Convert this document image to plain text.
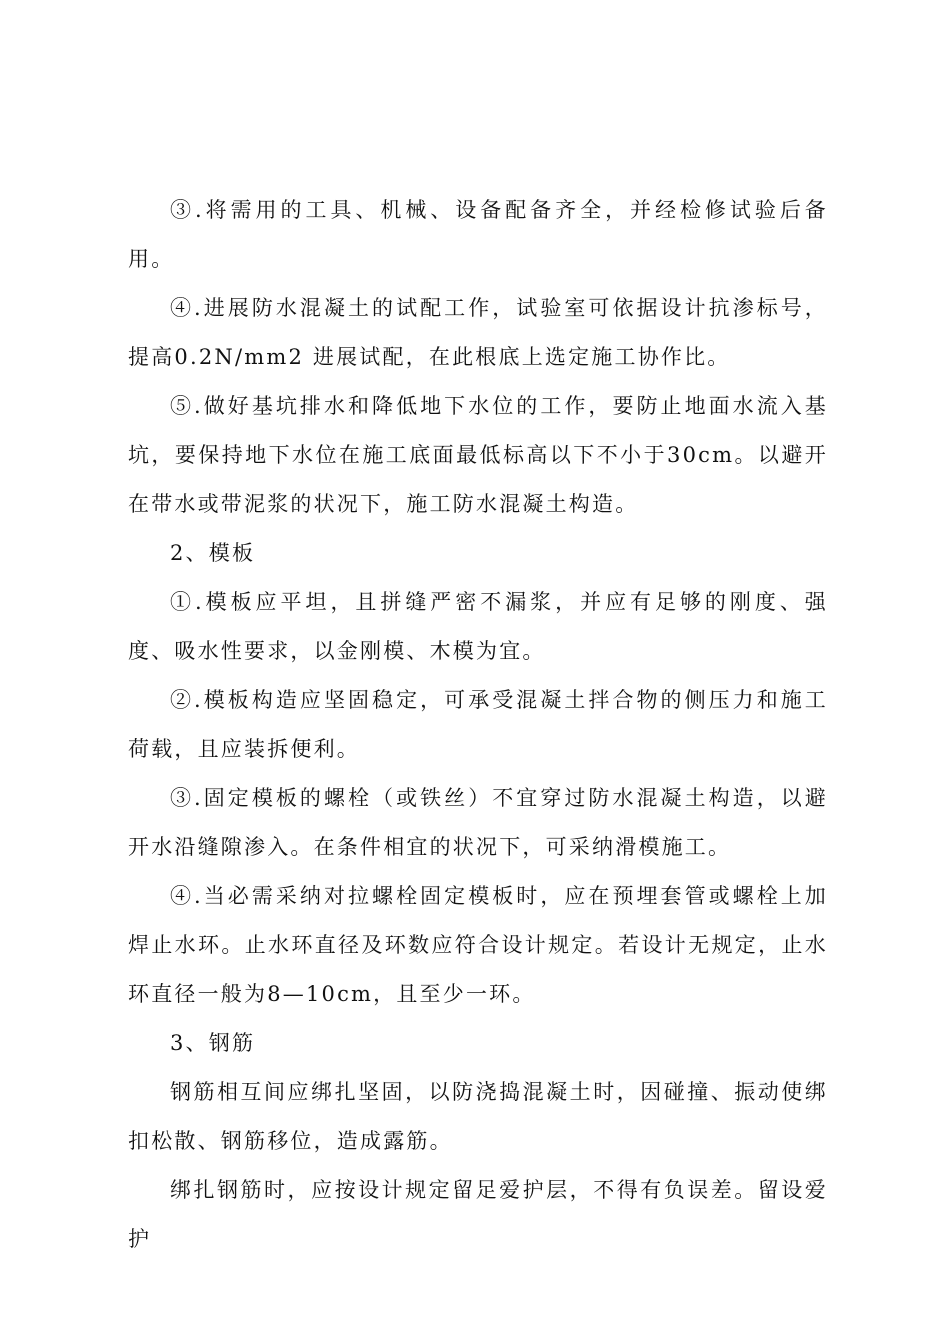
③.将需用的工具、机械、设备配备齐全，并经检修试验后备用。

④.进展防水混凝土的试配工作，试验室可依据设计抗渗标号，提高0.2N/mm2 进展试配，在此根底上选定施工协作比。

⑤.做好基坑排水和降低地下水位的工作，要防止地面水流入基坑，要保持地下水位在施工底面最低标高以下不小于30cm。以避开在带水或带泥浆的状况下，施工防水混凝土构造。

2、模板

①.模板应平坦，且拼缝严密不漏浆，并应有足够的刚度、强度、吸水性要求，以金刚模、木模为宜。

②.模板构造应坚固稳定，可承受混凝土拌合物的侧压力和施工荷载，且应装拆便利。

③.固定模板的螺栓（或铁丝）不宜穿过防水混凝土构造，以避开水沿缝隙渗入。在条件相宜的状况下，可采纳滑模施工。

④.当必需采纳对拉螺栓固定模板时，应在预埋套管或螺栓上加焊止水环。止水环直径及环数应符合设计规定。若设计无规定，止水环直径一般为8—10cm，且至少一环。

3、钢筋

钢筋相互间应绑扎坚固，以防浇捣混凝土时，因碰撞、振动使绑扣松散、钢筋移位，造成露筋。

绑扎钢筋时，应按设计规定留足爱护层，不得有负误差。留设爱护
